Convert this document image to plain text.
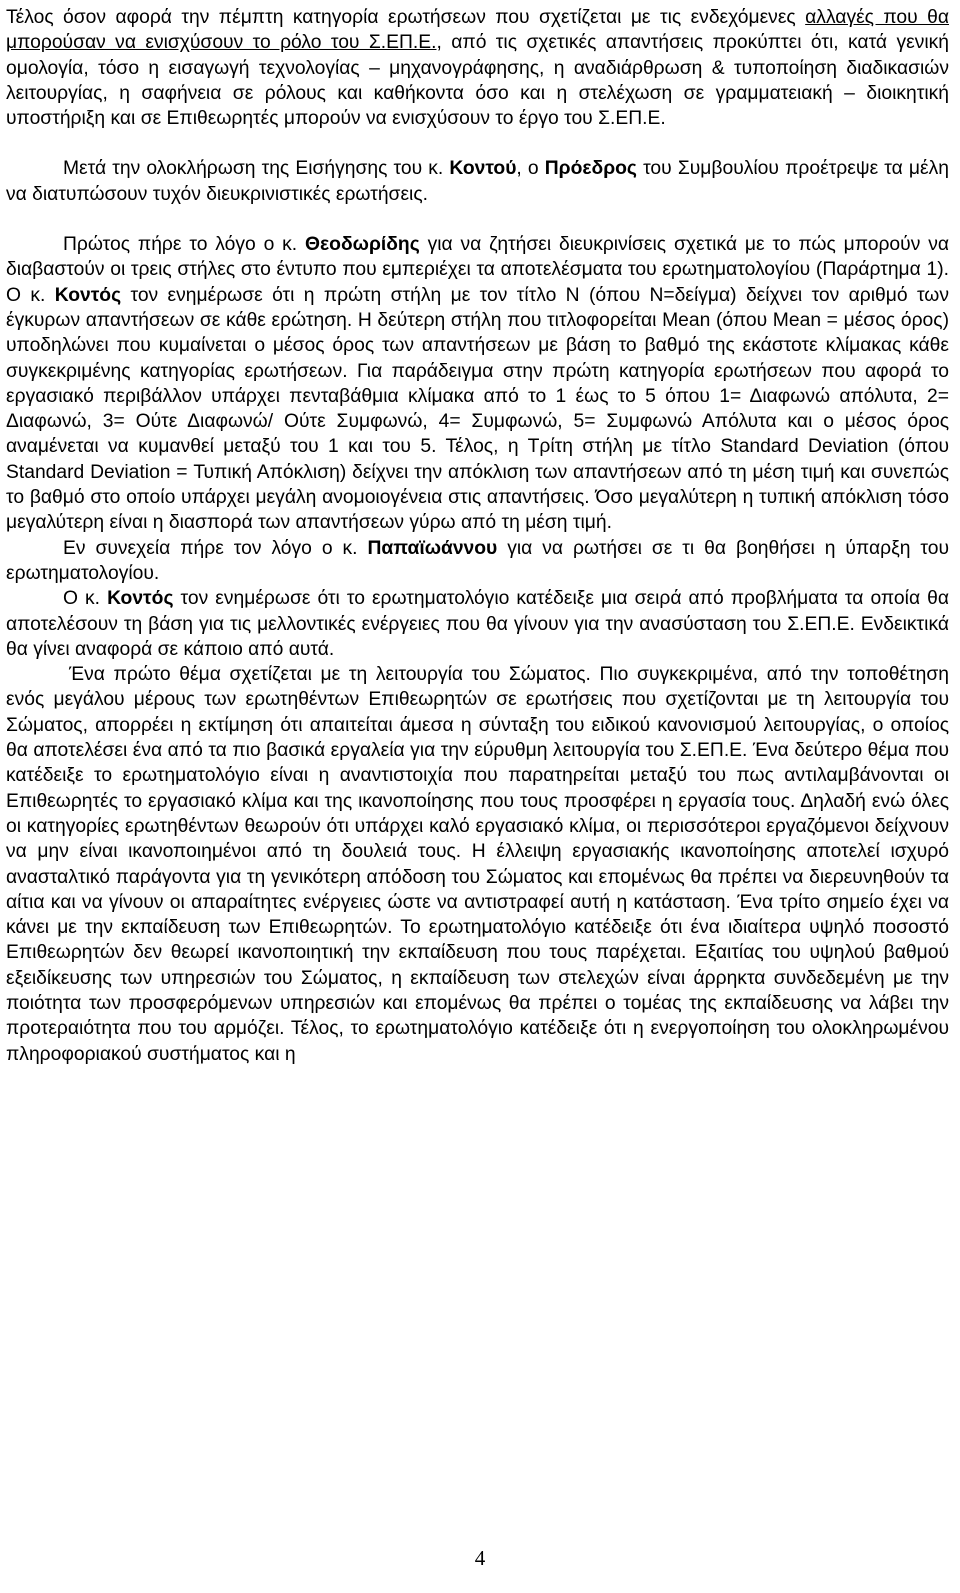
Τέλος όσον αφορά την πέμπτη κατηγορία ερωτήσεων που σχετίζεται με τις ενδεχόμενες αλλαγές που θα μπορούσαν να ενισχύσουν το ρόλο του Σ.ΕΠ.Ε., από τις σχετικές απαντήσεις προκύπτει ότι, κατά γενική ομολογία, τόσο η εισαγωγή τεχνολογίας – μηχανογράφησης, η αναδιάρθρωση & τυποποίηση διαδικασιών λειτουργίας, η σαφήνεια σε ρόλους και καθήκοντα όσο και η στελέχωση σε γραμματειακή – διοικητική υποστήριξη και σε Επιθεωρητές μπορούν να ενισχύσουν το έργο του Σ.ΕΠ.Ε.

Μετά την ολοκλήρωση της Εισήγησης του κ. Κοντού, ο Πρόεδρος του Συμβουλίου προέτρεψε τα μέλη να διατυπώσουν τυχόν διευκρινιστικές ερωτήσεις.

Πρώτος πήρε το λόγο ο κ. Θεοδωρίδης για να ζητήσει διευκρινίσεις σχετικά με το πώς μπορούν να διαβαστούν οι τρεις στήλες στο έντυπο που εμπεριέχει τα αποτελέσματα του ερωτηματολογίου (Παράρτημα 1). Ο κ. Κοντός τον ενημέρωσε ότι η πρώτη στήλη με τον τίτλο Ν (όπου Ν=δείγμα) δείχνει τον αριθμό των έγκυρων απαντήσεων σε κάθε ερώτηση. Η δεύτερη στήλη που τιτλοφορείται Mean (όπου Mean = μέσος όρος) υποδηλώνει που κυμαίνεται ο μέσος όρος των απαντήσεων με βάση το βαθμό της εκάστοτε κλίμακας κάθε συγκεκριμένης κατηγορίας ερωτήσεων. Για παράδειγμα στην πρώτη κατηγορία ερωτήσεων που αφορά το εργασιακό περιβάλλον υπάρχει πενταβάθμια κλίμακα από το 1 έως το 5 όπου 1= Διαφωνώ απόλυτα, 2= Διαφωνώ, 3= Ούτε Διαφωνώ/ Ούτε Συμφωνώ, 4= Συμφωνώ, 5= Συμφωνώ Απόλυτα και ο μέσος όρος αναμένεται να κυμανθεί μεταξύ του 1 και του 5. Τέλος, η Τρίτη στήλη με τίτλο Standard Deviation (όπου Standard Deviation = Τυπική Απόκλιση) δείχνει την απόκλιση των απαντήσεων από τη μέση τιμή και συνεπώς το βαθμό στο οποίο υπάρχει μεγάλη ανομοιογένεια στις απαντήσεις. Όσο μεγαλύτερη η τυπική απόκλιση τόσο μεγαλύτερη είναι η διασπορά των απαντήσεων γύρω από τη μέση τιμή.

Εν συνεχεία πήρε τον λόγο ο κ. Παπαϊωάννου για να ρωτήσει σε τι θα βοηθήσει η ύπαρξη του ερωτηματολογίου.

Ο κ. Κοντός τον ενημέρωσε ότι το ερωτηματολόγιο κατέδειξε μια σειρά από προβλήματα τα οποία θα αποτελέσουν τη βάση για τις μελλοντικές ενέργειες που θα γίνουν για την ανασύσταση του Σ.ΕΠ.Ε. Ενδεικτικά θα γίνει αναφορά σε κάποιο από αυτά.

Ένα πρώτο θέμα σχετίζεται με τη λειτουργία του Σώματος. Πιο συγκεκριμένα, από την τοποθέτηση ενός μεγάλου μέρους των ερωτηθέντων Επιθεωρητών σε ερωτήσεις που σχετίζονται με τη λειτουργία του Σώματος, απορρέει η εκτίμηση ότι απαιτείται άμεσα η σύνταξη του ειδικού κανονισμού λειτουργίας, ο οποίος θα αποτελέσει ένα από τα πιο βασικά εργαλεία για την εύρυθμη λειτουργία του Σ.ΕΠ.Ε. Ένα δεύτερο θέμα που κατέδειξε το ερωτηματολόγιο είναι η αναντιστοιχία που παρατηρείται μεταξύ του πως αντιλαμβάνονται οι Επιθεωρητές το εργασιακό κλίμα και της ικανοποίησης που τους προσφέρει η εργασία τους. Δηλαδή ενώ όλες οι κατηγορίες ερωτηθέντων θεωρούν ότι υπάρχει καλό εργασιακό κλίμα, οι περισσότεροι εργαζόμενοι δείχνουν να μην είναι ικανοποιημένοι από τη δουλειά τους. Η έλλειψη εργασιακής ικανοποίησης αποτελεί ισχυρό ανασταλτικό παράγοντα για τη γενικότερη απόδοση του Σώματος και επομένως θα πρέπει να διερευνηθούν τα αίτια και να γίνουν οι απαραίτητες ενέργειες ώστε να αντιστραφεί αυτή η κατάσταση. Ένα τρίτο σημείο έχει να κάνει με την εκπαίδευση των Επιθεωρητών. Το ερωτηματολόγιο κατέδειξε ότι ένα ιδιαίτερα υψηλό ποσοστό Επιθεωρητών δεν θεωρεί ικανοποιητική την εκπαίδευση που τους παρέχεται. Εξαιτίας του υψηλού βαθμού εξειδίκευσης των υπηρεσιών του Σώματος, η εκπαίδευση των στελεχών είναι άρρηκτα συνδεδεμένη με την ποιότητα των προσφερόμενων υπηρεσιών και επομένως θα πρέπει ο τομέας της εκπαίδευσης να λάβει την προτεραιότητα που του αρμόζει. Τέλος, το ερωτηματολόγιο κατέδειξε ότι η ενεργοποίηση του ολοκληρωμένου πληροφοριακού συστήματος και η

4
